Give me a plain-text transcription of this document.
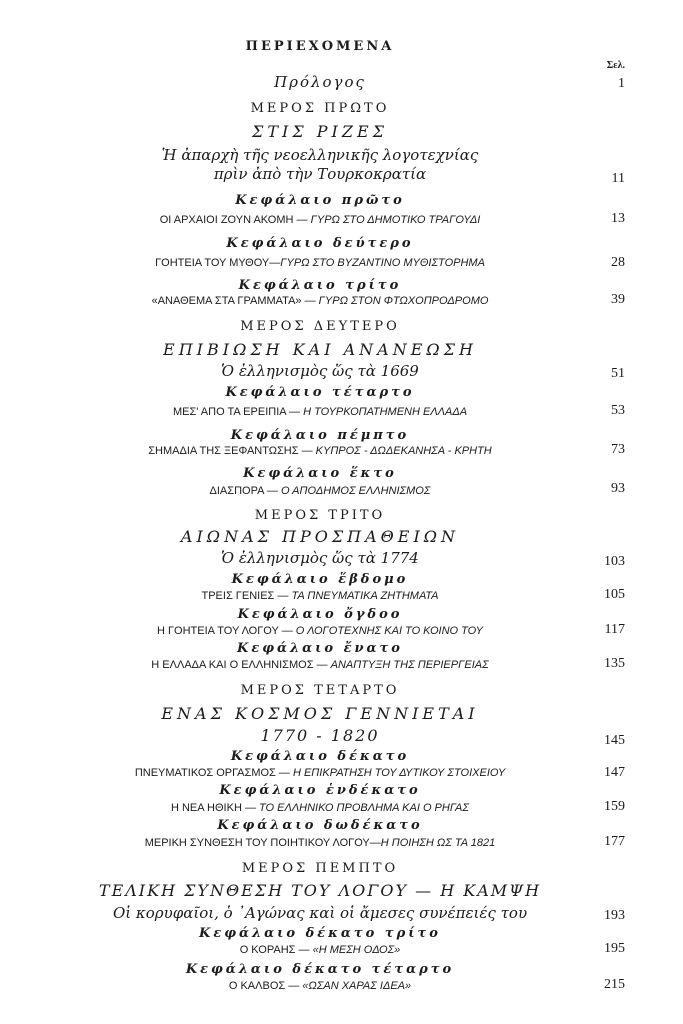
ΠΕΡΙΕΧΟΜΕΝΑ
Σελ.
Πρόλογος	1
ΜΕΡΟΣ ΠΡΩΤΟ
ΣΤΙΣ ΡΙΖΕΣ
Ἡ ἀπαρχὴ τῆς νεοελληνικῆς λογοτεχνίας
πρὶν ἀπὸ τὴν Τουρκοκρατία	11
Κεφάλαιο πρῶτο
ΟΙ ΑΡΧΑΙΟΙ ΖΟΥΝ ΑΚΟΜΗ — ΓΥΡΩ ΣΤΟ ΔΗΜΟΤΙΚΟ ΤΡΑΓΟΥΔΙ	13
Κεφάλαιο δεύτερο
ΓΟΗΤΕΙΑ ΤΟΥ ΜΥΘΟΥ—ΓΥΡΩ ΣΤΟ ΒΥΖΑΝΤΙΝΟ ΜΥΘΙΣΤΟΡΗΜΑ	28
Κεφάλαιο τρίτο
«ΑΝΑΘΕΜΑ ΣΤΑ ΓΡΑΜΜΑΤΑ» — ΓΥΡΩ ΣΤΟΝ ΦΤΩΧΟΠΡΟΔΡΟΜΟ	39
ΜΕΡΟΣ ΔΕΥΤΕΡΟ
ΕΠΙΒΙΩΣΗ ΚΑΙ ΑΝΑΝΕΩΣΗ
Ὁ ἑλληνισμὸς ὥς τὰ 1669	51
Κεφάλαιο τέταρτο
ΜΕΣ' ΑΠΟ ΤΑ ΕΡΕΙΠΙΑ — Η ΤΟΥΡΚΟΠΑΤΗΜΕΝΗ ΕΛΛΑΔΑ	53
Κεφάλαιο πέμπτο
ΣΗΜΑΔΙΑ ΤΗΣ ΞΕΦΑΝΤΩΣΗΣ — ΚΥΠΡΟΣ - ΔΩΔΕΚΑΝΗΣΑ - ΚΡΗΤΗ	73
Κεφάλαιο ἕκτο
ΔΙΑΣΠΟΡΑ — Ο ΑΠΟΔΗΜΟΣ ΕΛΛΗΝΙΣΜΟΣ	93
ΜΕΡΟΣ ΤΡΙΤΟ
ΑΙΩΝΑΣ ΠΡΟΣΠΑΘΕΙΩΝ
Ὁ ἑλληνισμὸς ὥς τὰ 1774	103
Κεφάλαιο ἕβδομο
ΤΡΕΙΣ ΓΕΝΙΕΣ — ΤΑ ΠΝΕΥΜΑΤΙΚΑ ΖΗΤΗΜΑΤΑ	105
Κεφάλαιο ὄγδοο
Η ΓΟΗΤΕΙΑ ΤΟΥ ΛΟΓΟΥ — Ο ΛΟΓΟΤΕΧΝΗΣ ΚΑΙ ΤΟ ΚΟΙΝΟ ΤΟΥ	117
Κεφάλαιο ἔνατο
Η ΕΛΛΑΔΑ ΚΑΙ Ο ΕΛΛΗΝΙΣΜΟΣ — ΑΝΑΠΤΥΞΗ ΤΗΣ ΠΕΡΙΕΡΓΕΙΑΣ	135
ΜΕΡΟΣ ΤΕΤΑΡΤΟ
ΕΝΑΣ ΚΟΣΜΟΣ ΓΕΝΝΙΕΤΑΙ
1770 - 1820	145
Κεφάλαιο δέκατο
ΠΝΕΥΜΑΤΙΚΟΣ ΟΡΓΑΣΜΟΣ — Η ΕΠΙΚΡΑΤΗΣΗ ΤΟΥ ΔΥΤΙΚΟΥ ΣΤΟΙΧΕΙΟΥ	147
Κεφάλαιο ἑνδέκατο
Η ΝΕΑ ΗΘΙΚΗ — ΤΟ ΕΛΛΗΝΙΚΟ ΠΡΟΒΛΗΜΑ ΚΑΙ Ο ΡΗΓΑΣ	159
Κεφάλαιο δωδέκατο
ΜΕΡΙΚΗ ΣΥΝΘΕΣΗ ΤΟΥ ΠΟΙΗΤΙΚΟΥ ΛΟΓΟΥ—Η ΠΟΙΗΣΗ ΩΣ ΤΑ 1821	177
ΜΕΡΟΣ ΠΕΜΠΤΟ
ΤΕΛΙΚΗ ΣΥΝΘΕΣΗ ΤΟΥ ΛΟΓΟΥ — Η ΚΑΜΨΗ
Οἱ κορυφαῖοι, ὁ ᾿Αγώνας καὶ οἱ ἄμεσες συνέπειές του	193
Κεφάλαιο δέκατο τρίτο
Ο ΚΟΡΑΗΣ — «Η ΜΕΣΗ ΟΔΟΣ»	195
Κεφάλαιο δέκατο τέταρτο
Ο ΚΑΛΒΟΣ — «ΩΣΑΝ ΧΑΡΑΣ ΙΔΕΑ»	215
